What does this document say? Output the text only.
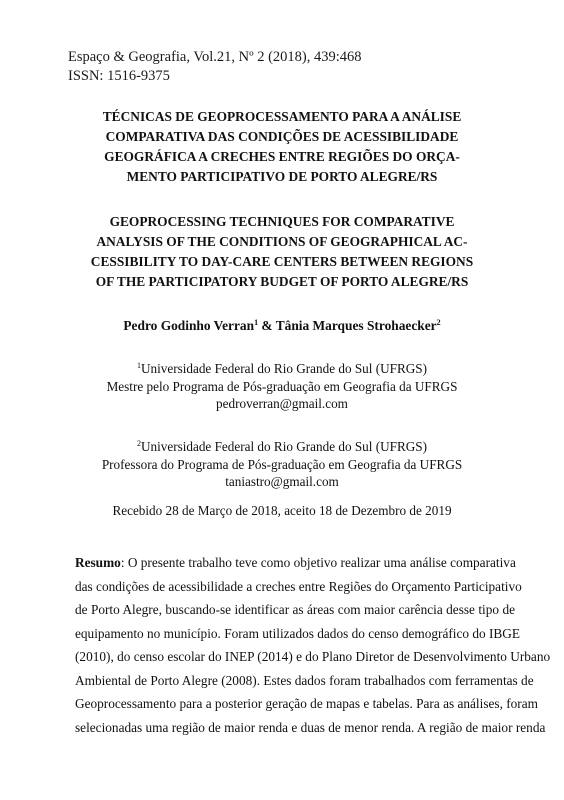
Espaço & Geografia, Vol.21, Nº 2 (2018), 439:468
ISSN: 1516-9375
TÉCNICAS DE GEOPROCESSAMENTO PARA A ANÁLISE
COMPARATIVA DAS CONDIÇÕES DE ACESSIBILIDADE
GEOGRÁFICA A CRECHES ENTRE REGIÕES DO ORÇA-
MENTO PARTICIPATIVO DE PORTO ALEGRE/RS
GEOPROCESSING TECHNIQUES FOR COMPARATIVE
ANALYSIS OF THE CONDITIONS OF GEOGRAPHICAL AC-
CESSIBILITY TO DAY-CARE CENTERS BETWEEN REGIONS
OF THE PARTICIPATORY BUDGET OF PORTO ALEGRE/RS
Pedro Godinho Verran$^1$ & Tânia Marques Strohaecker$^2$
$^1$Universidade Federal do Rio Grande do Sul (UFRGS)
Mestre pelo Programa de Pós-graduação em Geografia da UFRGS
pedroverran@gmail.com
$^2$Universidade Federal do Rio Grande do Sul (UFRGS)
Professora do Programa de Pós-graduação em Geografia da UFRGS
taniastro@gmail.com
Recebido 28 de Março de 2018, aceito 18 de Dezembro de 2019
Resumo: O presente trabalho teve como objetivo realizar uma análise comparativa
das condições de acessibilidade a creches entre Regiões do Orçamento Participativo
de Porto Alegre, buscando-se identificar as áreas com maior carência desse tipo de
equipamento no município. Foram utilizados dados do censo demográfico do IBGE
(2010), do censo escolar do INEP (2014) e do Plano Diretor de Desenvolvimento Urbano
Ambiental de Porto Alegre (2008). Estes dados foram trabalhados com ferramentas de
Geoprocessamento para a posterior geração de mapas e tabelas. Para as análises, foram
selecionadas uma região de maior renda e duas de menor renda. A região de maior renda
